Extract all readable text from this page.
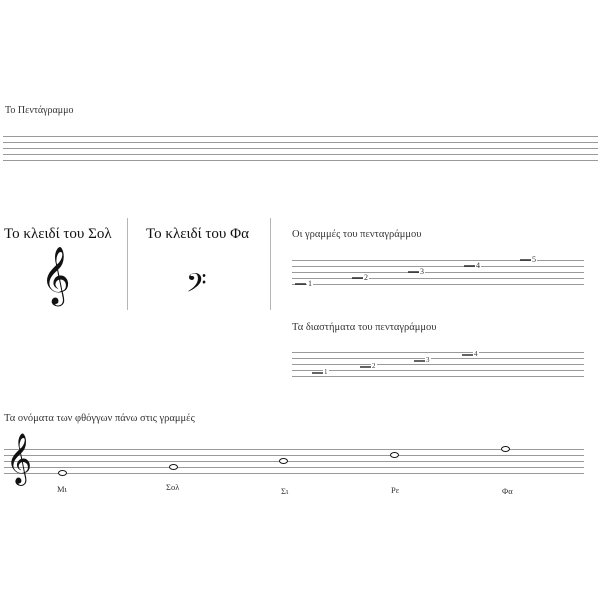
Το Πεντάγραμμο
Το κλειδί του Σολ
𝄞
Το κλειδί του Φα
𝄢
Οι γραμμές του πενταγράμμου
1
2
3
4
5
Τα διαστήματα του πενταγράμμου
1
2
3
4
Τα ονόματα των φθόγγων πάνω στις γραμμές
𝄞
Μι	Σολ	Σι	Ρε	Φα
